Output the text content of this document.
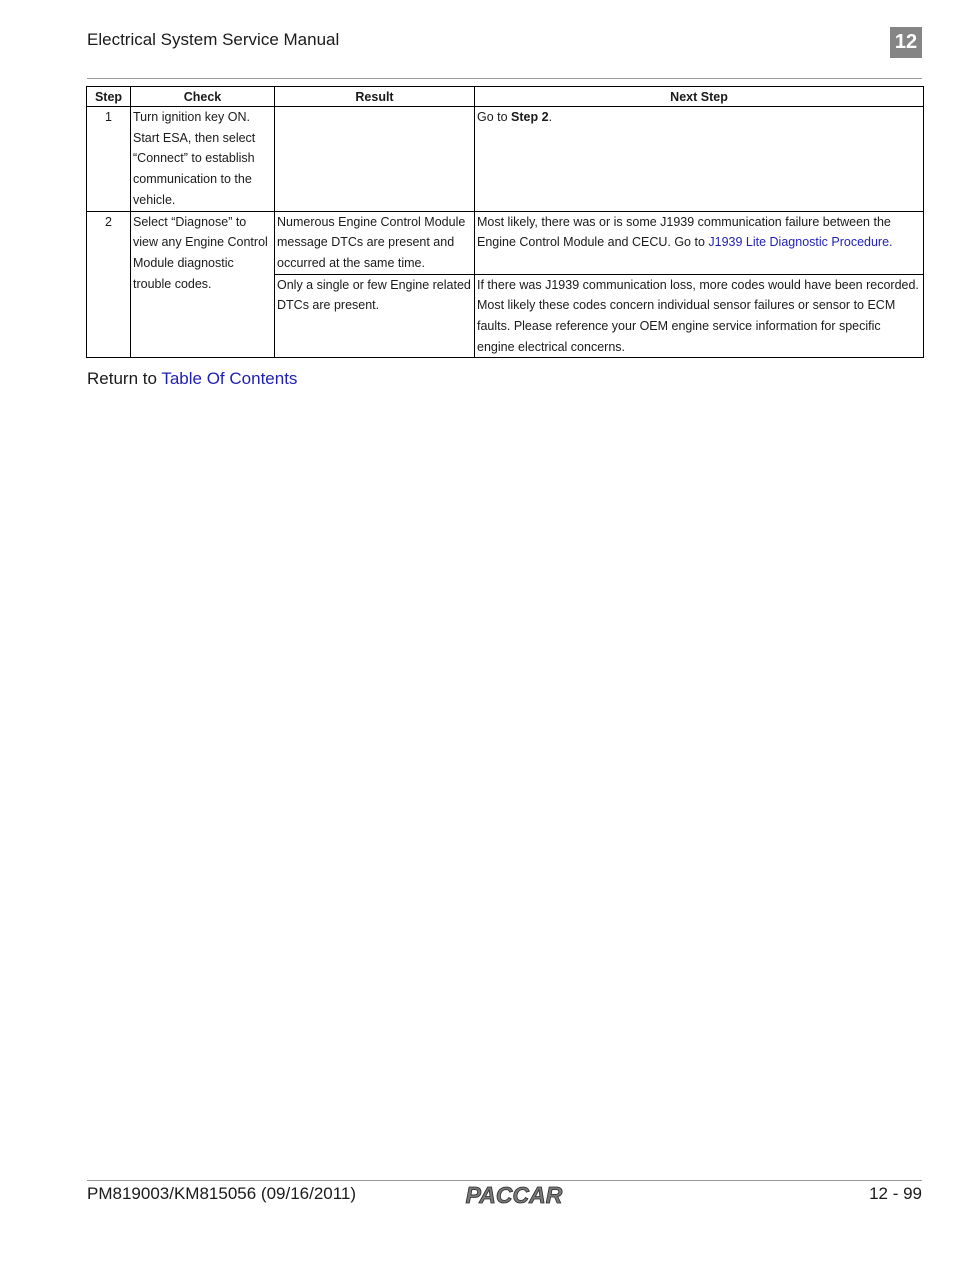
Electrical System Service Manual	12
Step	Check	Result	Next Step
1	Turn ignition key ON. Start ESA, then select “Connect” to establish communication to the vehicle.		Go to Step 2.
2	Select “Diagnose” to view any Engine Control Module diagnostic trouble codes.	Numerous Engine Control Module message DTCs are present and occurred at the same time.	Most likely, there was or is some J1939 communication failure between the Engine Control Module and CECU. Go to J1939 Lite Diagnostic Procedure.
		Only a single or few Engine related DTCs are present.	If there was J1939 communication loss, more codes would have been recorded. Most likely these codes concern individual sensor failures or sensor to ECM faults. Please reference your OEM engine service information for specific engine electrical concerns.
Return to Table Of Contents
PM819003/KM815056 (09/16/2011)	PACCAR	12 - 99
